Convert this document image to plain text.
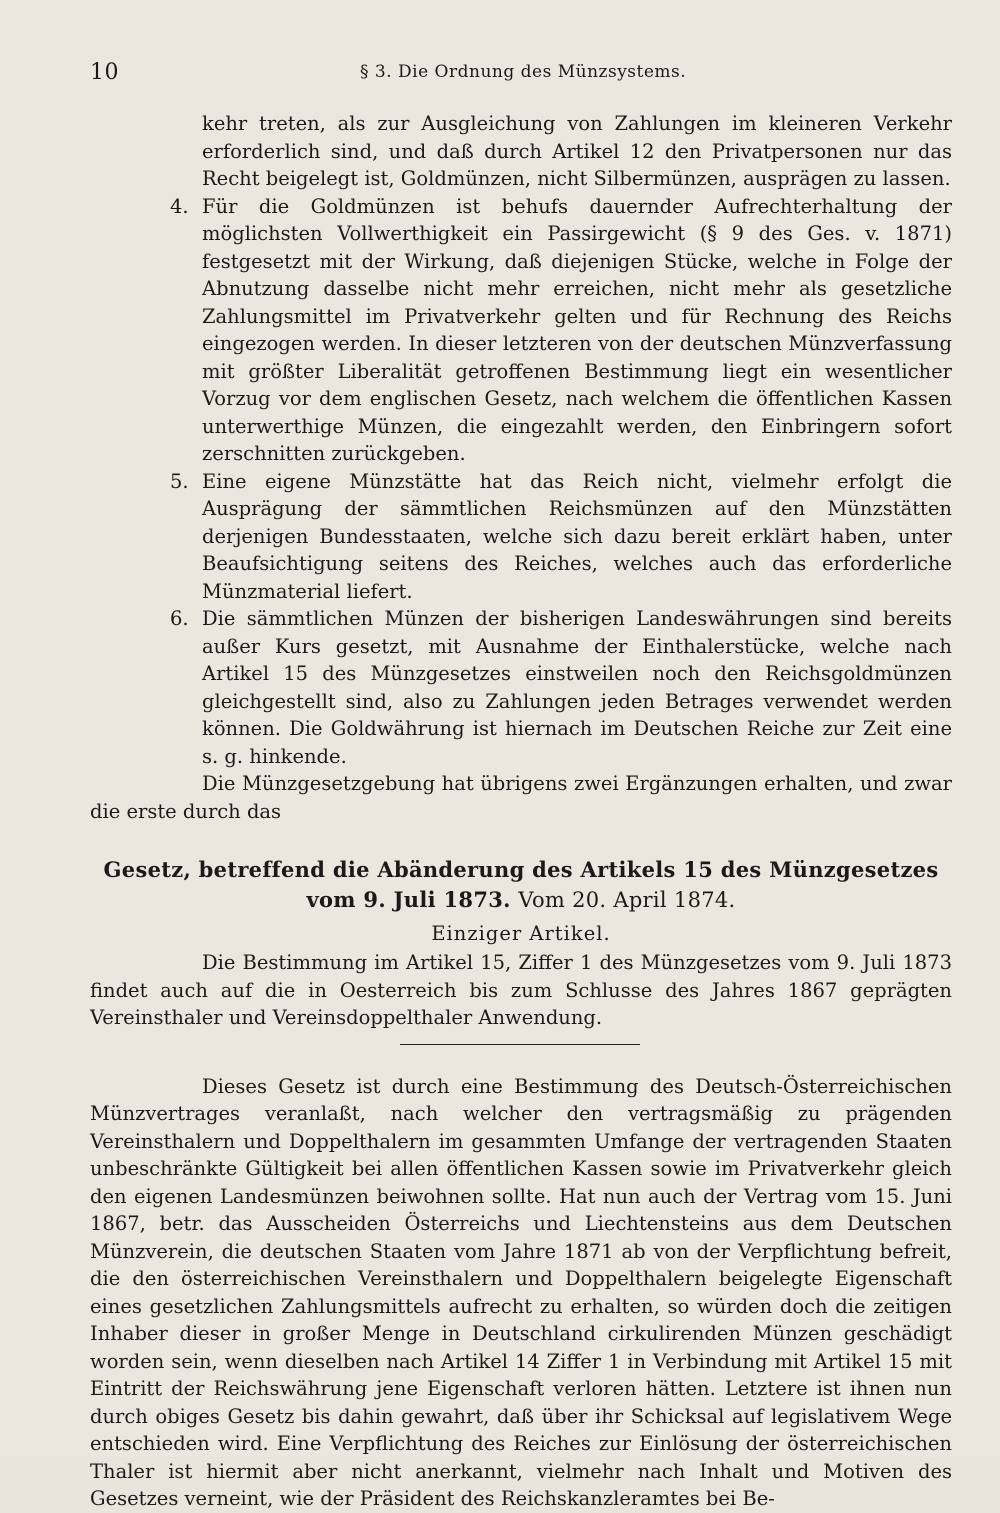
10	§ 3. Die Ordnung des Münzsystems.

kehr treten, als zur Ausgleichung von Zahlungen im kleineren Verkehr erforderlich sind, und daß durch Artikel 12 den Privatpersonen nur das Recht beigelegt ist, Goldmünzen, nicht Silbermünzen, ausprägen zu lassen.

4. Für die Goldmünzen ist behufs dauernder Aufrechterhaltung der möglichsten Vollwerthigkeit ein Passirgewicht (§ 9 des Ges. v. 1871) festgesetzt mit der Wirkung, daß diejenigen Stücke, welche in Folge der Abnutzung dasselbe nicht mehr erreichen, nicht mehr als gesetzliche Zahlungsmittel im Privatverkehr gelten und für Rechnung des Reichs eingezogen werden. In dieser letzteren von der deutschen Münzverfassung mit größter Liberalität getroffenen Bestimmung liegt ein wesentlicher Vorzug vor dem englischen Gesetz, nach welchem die öffentlichen Kassen unterwerthige Münzen, die eingezahlt werden, den Einbringern sofort zerschnitten zurückgeben.
5. Eine eigene Münzstätte hat das Reich nicht, vielmehr erfolgt die Ausprägung der sämmtlichen Reichsmünzen auf den Münzstätten derjenigen Bundesstaaten, welche sich dazu bereit erklärt haben, unter Beaufsichtigung seitens des Reiches, welches auch das erforderliche Münzmaterial liefert.
6. Die sämmtlichen Münzen der bisherigen Landeswährungen sind bereits außer Kurs gesetzt, mit Ausnahme der Einthalerstücke, welche nach Artikel 15 des Münzgesetzes einstweilen noch den Reichsgoldmünzen gleichgestellt sind, also zu Zahlungen jeden Betrages verwendet werden können. Die Goldwährung ist hiernach im Deutschen Reiche zur Zeit eine s. g. hinkende.

Die Münzgesetzgebung hat übrigens zwei Ergänzungen erhalten, und zwar die erste durch das

Gesetz, betreffend die Abänderung des Artikels 15 des Münzgesetzes vom 9. Juli 1873. Vom 20. April 1874.
Einziger Artikel.

Die Bestimmung im Artikel 15, Ziffer 1 des Münzgesetzes vom 9. Juli 1873 findet auch auf die in Oesterreich bis zum Schlusse des Jahres 1867 geprägten Vereinsthaler und Vereinsdoppelthaler Anwendung.

Dieses Gesetz ist durch eine Bestimmung des Deutsch-Österreichischen Münzvertrages veranlaßt, nach welcher den vertragsmäßig zu prägenden Vereinsthalern und Doppelthalern im gesammten Umfange der vertragenden Staaten unbeschränkte Gültigkeit bei allen öffentlichen Kassen sowie im Privatverkehr gleich den eigenen Landesmünzen beiwohnen sollte. Hat nun auch der Vertrag vom 15. Juni 1867, betr. das Ausscheiden Österreichs und Liechtensteins aus dem Deutschen Münzverein, die deutschen Staaten vom Jahre 1871 ab von der Verpflichtung befreit, die den österreichischen Vereinsthalern und Doppelthalern beigelegte Eigenschaft eines gesetzlichen Zahlungsmittels aufrecht zu erhalten, so würden doch die zeitigen Inhaber dieser in großer Menge in Deutschland cirkulirenden Münzen geschädigt worden sein, wenn dieselben nach Artikel 14 Ziffer 1 in Verbindung mit Artikel 15 mit Eintritt der Reichswährung jene Eigenschaft verloren hätten. Letztere ist ihnen nun durch obiges Gesetz bis dahin gewahrt, daß über ihr Schicksal auf legislativem Wege entschieden wird. Eine Verpflichtung des Reiches zur Einlösung der österreichischen Thaler ist hiermit aber nicht anerkannt, vielmehr nach Inhalt und Motiven des Gesetzes verneint, wie der Präsident des Reichskanzleramtes bei Be-
